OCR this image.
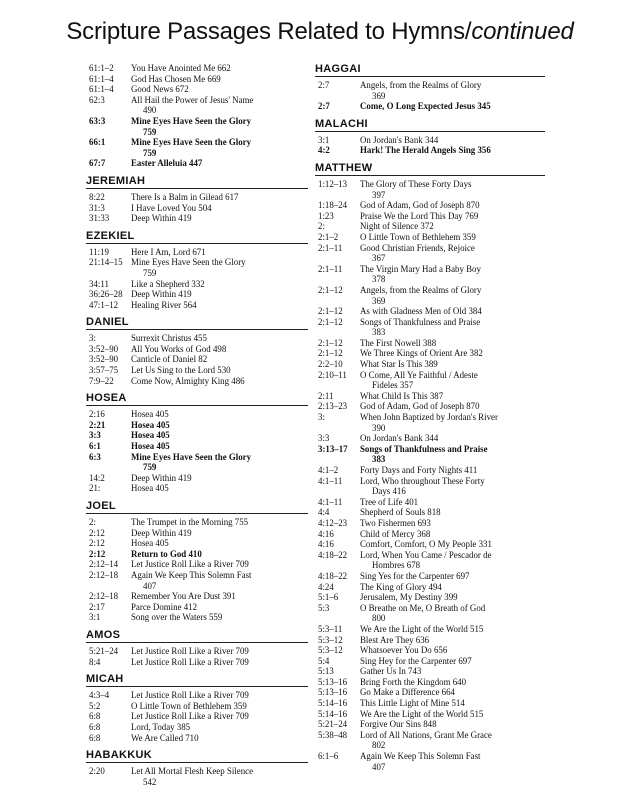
Scripture Passages Related to Hymns/continued
61:1–2	You Have Anointed Me 662
61:1–4	God Has Chosen Me 669
61:1–4	Good News 672
62:3	All Hail the Power of Jesus' Name
490
63:3	Mine Eyes Have Seen the Glory
759
66:1	Mine Eyes Have Seen the Glory
759
67:7	Easter Alleluia 447
JEREMIAH
8:22	There Is a Balm in Gilead 617
31:3	I Have Loved You 504
31:33	Deep Within 419
EZEKIEL
11:19	Here I Am, Lord 671
21:14–15 Mine Eyes Have Seen the Glory
759
34:11	Like a Shepherd 332
36:26–28 Deep Within 419
47:1–12	Healing River 564
DANIEL
3:	Surrexit Christus 455
3:52–90	All You Works of God 498
3:52–90	Canticle of Daniel 82
3:57–75	Let Us Sing to the Lord 530
7:9–22	Come Now, Almighty King 486
HOSEA
2:16	Hosea 405
2:21	Hosea 405
3:3	Hosea 405
6:1	Hosea 405
6:3	Mine Eyes Have Seen the Glory
759
14:2	Deep Within 419
21:	Hosea 405
JOEL
2:	The Trumpet in the Morning 755
2:12	Deep Within 419
2:12	Hosea 405
2:12	Return to God 410
2:12–14	Let Justice Roll Like a River 709
2:12–18	Again We Keep This Solemn Fast
407
2:12–18	Remember You Are Dust 391
2:17	Parce Domine 412
3:1	Song over the Waters 559
AMOS
5:21–24	Let Justice Roll Like a River 709
8:4	Let Justice Roll Like a River 709
MICAH
4:3–4	Let Justice Roll Like a River 709
5:2	O Little Town of Bethlehem 359
6:8	Let Justice Roll Like a River 709
6:8	Lord, Today 385
6:8	We Are Called 710
HABAKKUK
2:20	Let All Mortal Flesh Keep Silence
542
HAGGAI
2:7	Angels, from the Realms of Glory
369
2:7	Come, O Long Expected Jesus 345
MALACHI
3:1	On Jordan's Bank 344
4:2	Hark! The Herald Angels Sing 356
MATTHEW
1:12–13	The Glory of These Forty Days
397
1:18–24	God of Adam, God of Joseph 870
1:23	Praise We the Lord This Day 769
2:	Night of Silence 372
2:1–2	O Little Town of Bethlehem 359
2:1–11	Good Christian Friends, Rejoice
367
2:1–11	The Virgin Mary Had a Baby Boy
378
2:1–12	Angels, from the Realms of Glory
369
2:1–12	As with Gladness Men of Old 384
2:1–12	Songs of Thankfulness and Praise
383
2:1–12	The First Nowell 388
2:1–12	We Three Kings of Orient Are 382
2:2–10	What Star Is This 389
2:10–11	O Come, All Ye Faithful / Adeste
Fideles 357
2:11	What Child Is This 387
2:13–23	God of Adam, God of Joseph 870
3:	When John Baptized by Jordan's River
390
3:3	On Jordan's Bank 344
3:13–17	Songs of Thankfulness and Praise
383
4:1–2	Forty Days and Forty Nights 411
4:1–11	Lord, Who throughout These Forty
Days 416
4:1–11	Tree of Life 401
4:4	Shepherd of Souls 818
4:12–23	Two Fishermen 693
4:16	Child of Mercy 368
4:16	Comfort, Comfort, O My People 331
4:18–22	Lord, When You Came / Pescador de
Hombres 678
4:18–22	Sing Yes for the Carpenter 697
4:24	The King of Glory 494
5:1–6	Jerusalem, My Destiny 399
5:3	O Breathe on Me, O Breath of God
800
5:3–11	We Are the Light of the World 515
5:3–12	Blest Are They 636
5:3–12	Whatsoever You Do 656
5:4	Sing Hey for the Carpenter 697
5:13	Gather Us In 743
5:13–16	Bring Forth the Kingdom 640
5:13–16	Go Make a Difference 664
5:14–16	This Little Light of Mine 514
5:14–16	We Are the Light of the World 515
5:21–24	Forgive Our Sins 848
5:38–48	Lord of All Nations, Grant Me Grace
802
6:1–6	Again We Keep This Solemn Fast
407
